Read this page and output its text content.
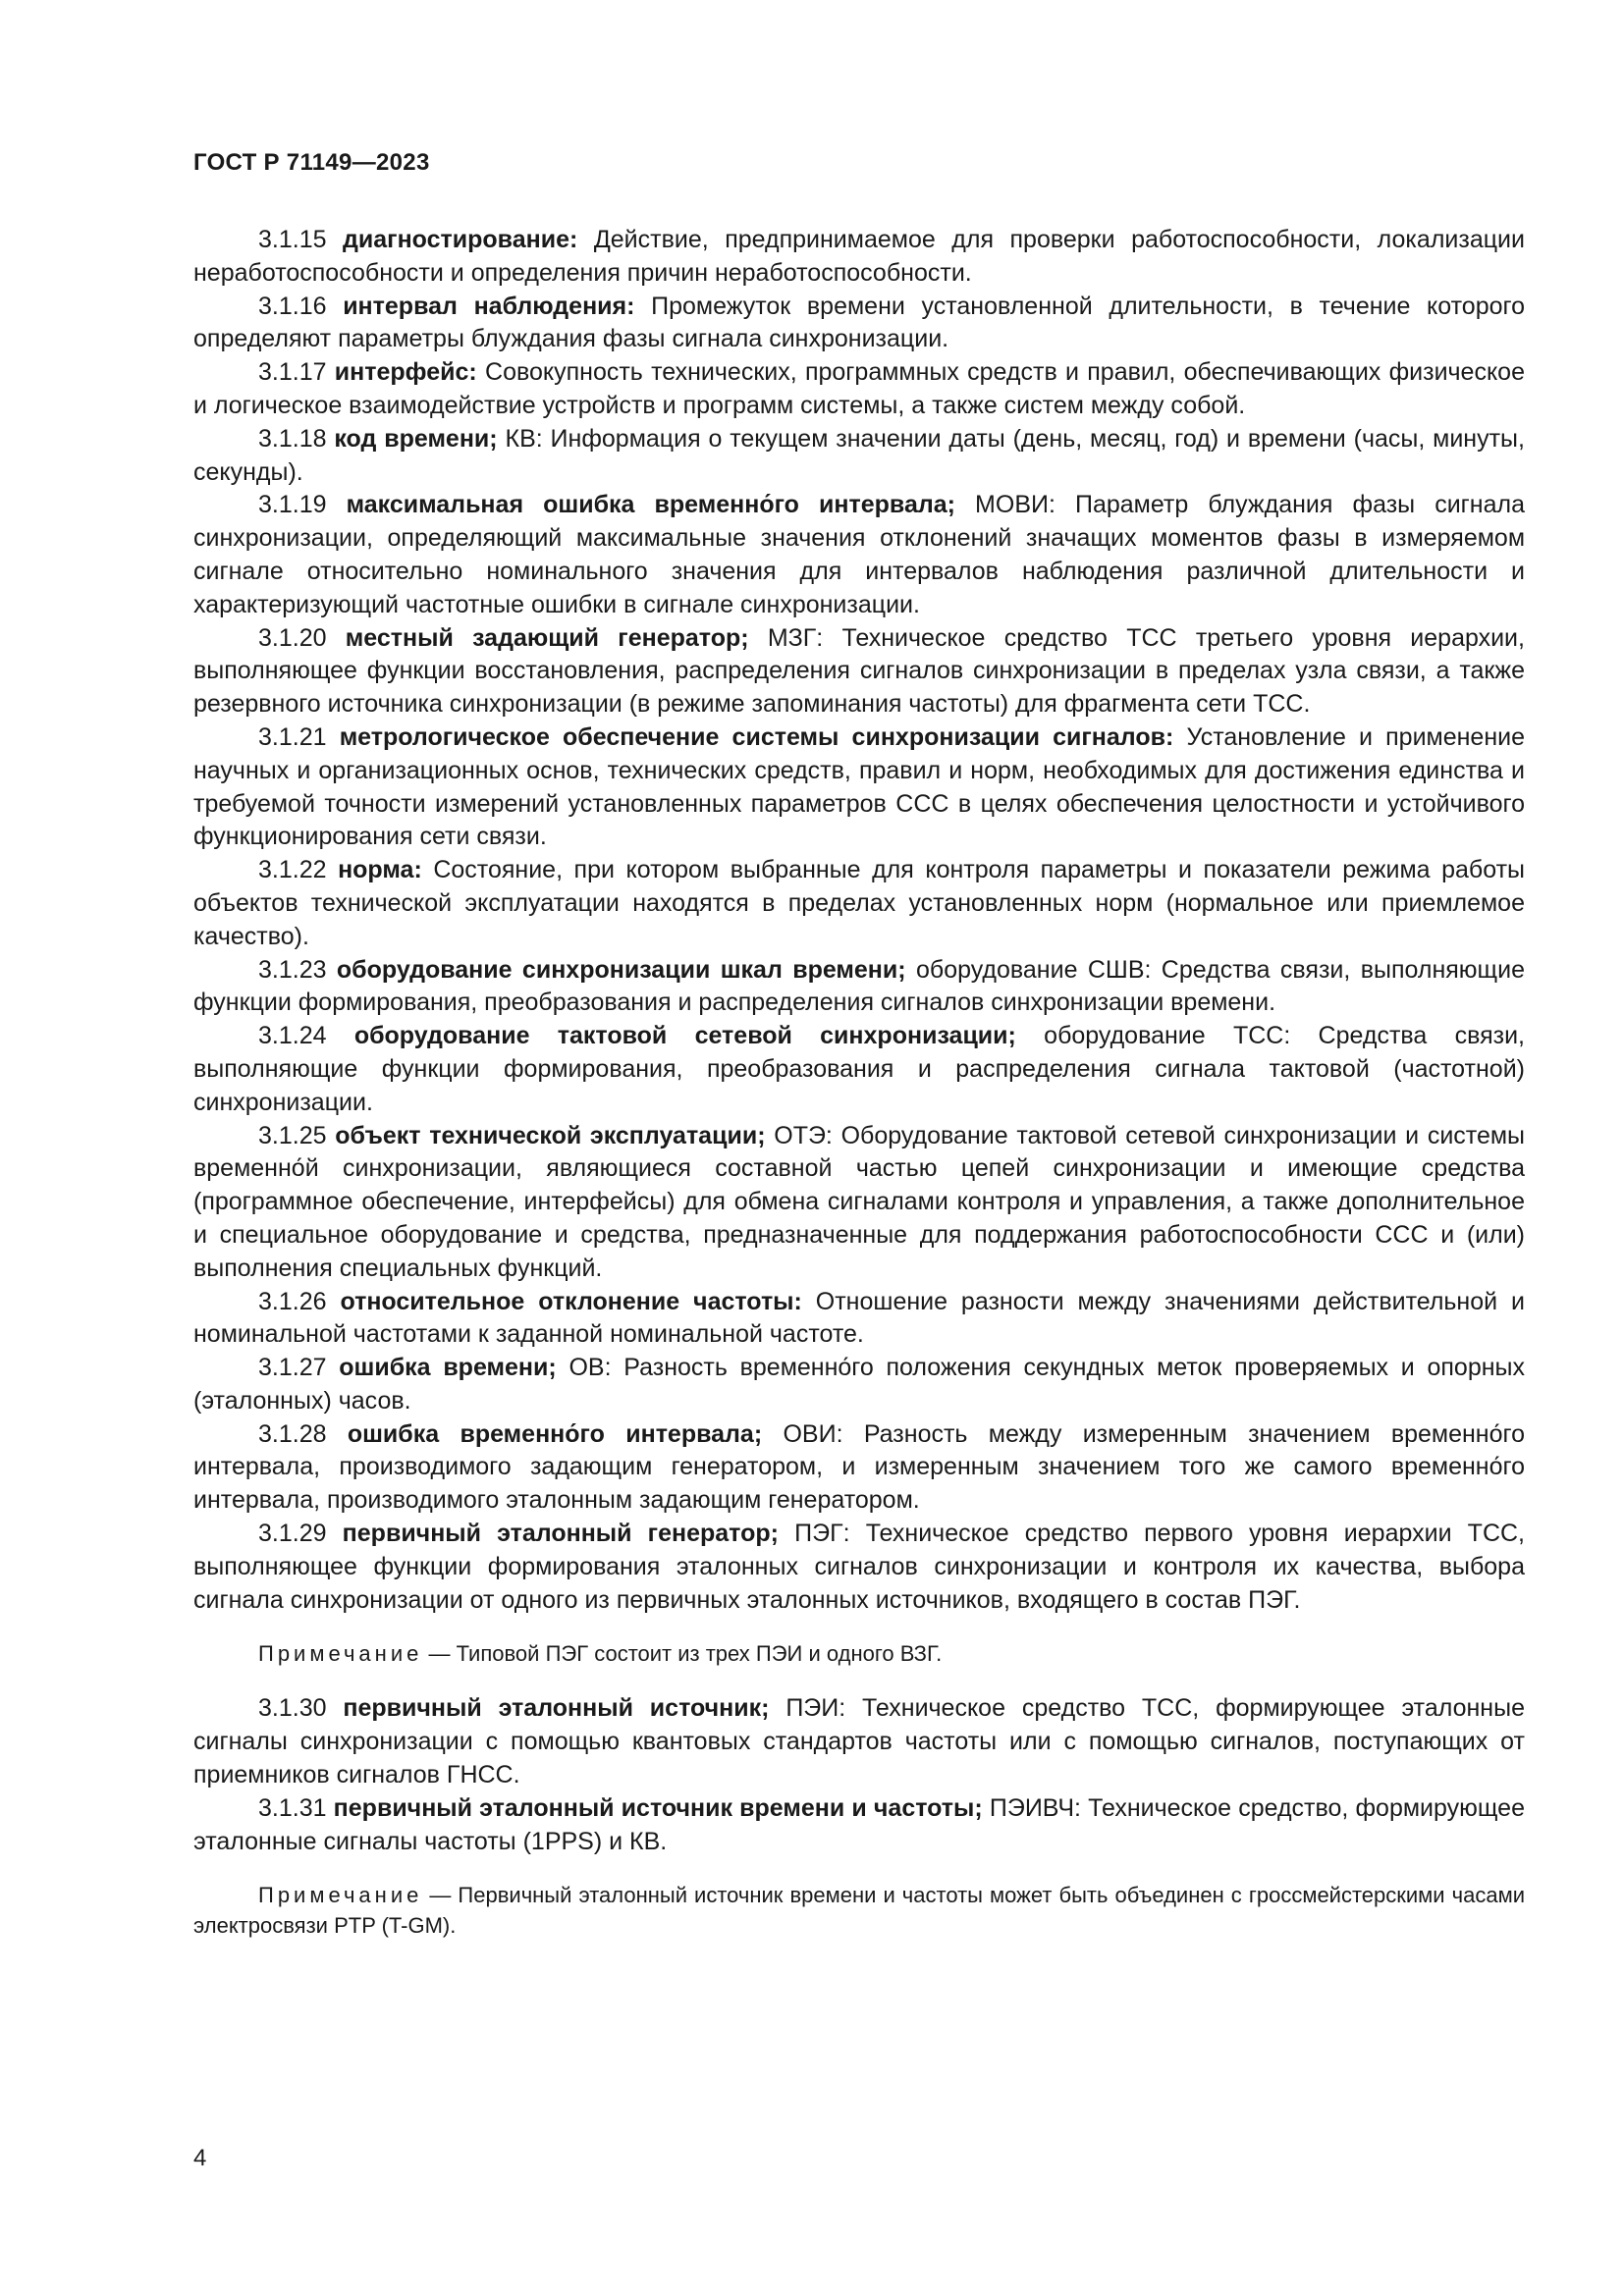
ГОСТ Р 71149—2023

3.1.15 диагностирование: Действие, предпринимаемое для проверки работоспособности, локализации неработоспособности и определения причин неработоспособности.

3.1.16 интервал наблюдения: Промежуток времени установленной длительности, в течение которого определяют параметры блуждания фазы сигнала синхронизации.

3.1.17 интерфейс: Совокупность технических, программных средств и правил, обеспечивающих физическое и логическое взаимодействие устройств и программ системы, а также систем между собой.

3.1.18 код времени; КВ: Информация о текущем значении даты (день, месяц, год) и времени (часы, минуты, секунды).

3.1.19 максимальная ошибка временно́го интервала; МОВИ: Параметр блуждания фазы сигнала синхронизации, определяющий максимальные значения отклонений значащих моментов фазы в измеряемом сигнале относительно номинального значения для интервалов наблюдения различной длительности и характеризующий частотные ошибки в сигнале синхронизации.

3.1.20 местный задающий генератор; МЗГ: Техническое средство ТСС третьего уровня иерархии, выполняющее функции восстановления, распределения сигналов синхронизации в пределах узла связи, а также резервного источника синхронизации (в режиме запоминания частоты) для фрагмента сети ТСС.

3.1.21 метрологическое обеспечение системы синхронизации сигналов: Установление и применение научных и организационных основ, технических средств, правил и норм, необходимых для достижения единства и требуемой точности измерений установленных параметров ССС в целях обеспечения целостности и устойчивого функционирования сети связи.

3.1.22 норма: Состояние, при котором выбранные для контроля параметры и показатели режима работы объектов технической эксплуатации находятся в пределах установленных норм (нормальное или приемлемое качество).

3.1.23 оборудование синхронизации шкал времени; оборудование СШВ: Средства связи, выполняющие функции формирования, преобразования и распределения сигналов синхронизации времени.

3.1.24 оборудование тактовой сетевой синхронизации; оборудование ТСС: Средства связи, выполняющие функции формирования, преобразования и распределения сигнала тактовой (частотной) синхронизации.

3.1.25 объект технической эксплуатации; ОТЭ: Оборудование тактовой сетевой синхронизации и системы временно́й синхронизации, являющиеся составной частью цепей синхронизации и имеющие средства (программное обеспечение, интерфейсы) для обмена сигналами контроля и управления, а также дополнительное и специальное оборудование и средства, предназначенные для поддержания работоспособности ССС и (или) выполнения специальных функций.

3.1.26 относительное отклонение частоты: Отношение разности между значениями действительной и номинальной частотами к заданной номинальной частоте.

3.1.27 ошибка времени; ОВ: Разность временно́го положения секундных меток проверяемых и опорных (эталонных) часов.

3.1.28 ошибка временно́го интервала; ОВИ: Разность между измеренным значением временно́го интервала, производимого задающим генератором, и измеренным значением того же самого временно́го интервала, производимого эталонным задающим генератором.

3.1.29 первичный эталонный генератор; ПЭГ: Техническое средство первого уровня иерархии ТСС, выполняющее функции формирования эталонных сигналов синхронизации и контроля их качества, выбора сигнала синхронизации от одного из первичных эталонных источников, входящего в состав ПЭГ.

Примечание — Типовой ПЭГ состоит из трех ПЭИ и одного ВЗГ.

3.1.30 первичный эталонный источник; ПЭИ: Техническое средство ТСС, формирующее эталонные сигналы синхронизации с помощью квантовых стандартов частоты или с помощью сигналов, поступающих от приемников сигналов ГНСС.

3.1.31 первичный эталонный источник времени и частоты; ПЭИВЧ: Техническое средство, формирующее эталонные сигналы частоты (1PPS) и КВ.

Примечание — Первичный эталонный источник времени и частоты может быть объединен с гроссмейстерскими часами электросвязи PTP (T-GM).

4
